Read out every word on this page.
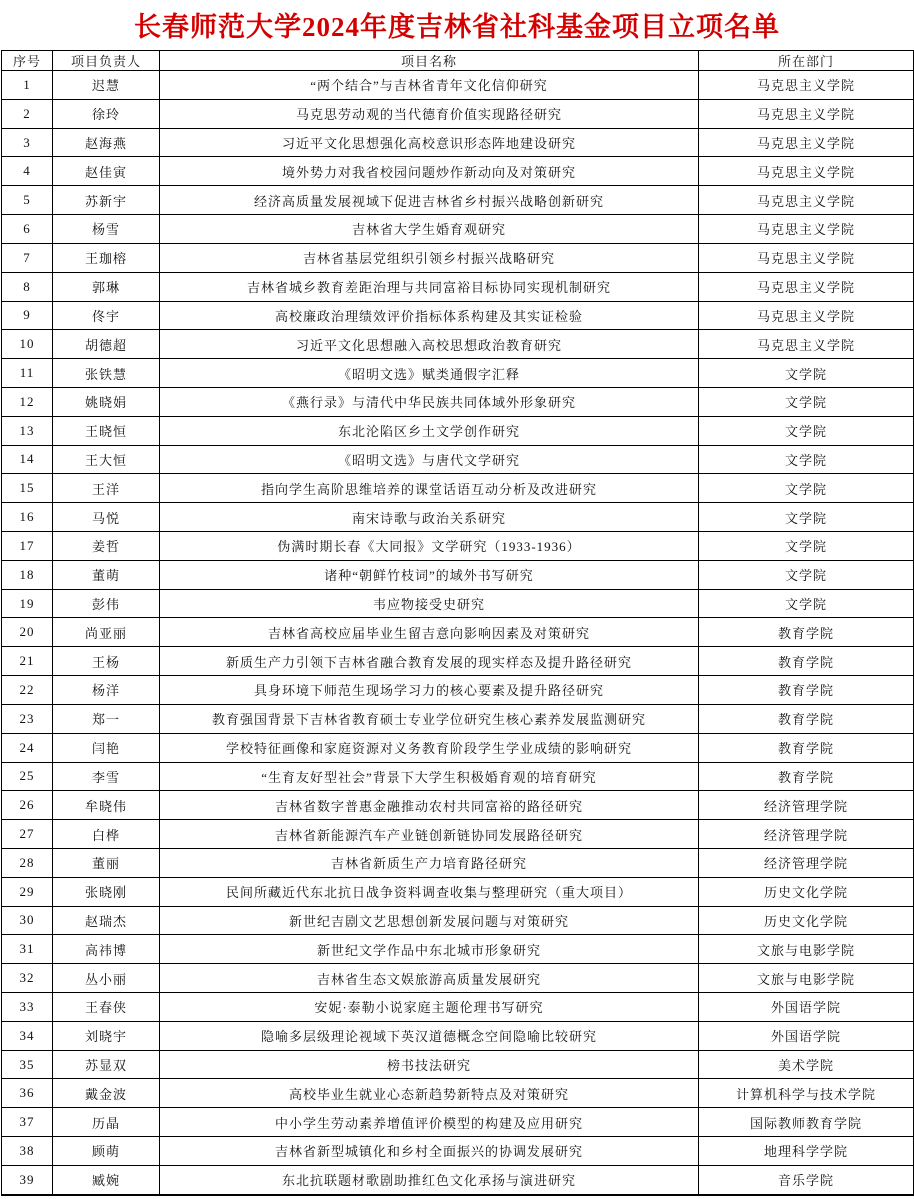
长春师范大学2024年度吉林省社科基金项目立项名单
序号	项目负责人	项目名称	所在部门
1	迟慧	“两个结合”与吉林省青年文化信仰研究	马克思主义学院
2	徐玲	马克思劳动观的当代德育价值实现路径研究	马克思主义学院
3	赵海燕	习近平文化思想强化高校意识形态阵地建设研究	马克思主义学院
4	赵佳寅	境外势力对我省校园问题炒作新动向及对策研究	马克思主义学院
5	苏新宇	经济高质量发展视域下促进吉林省乡村振兴战略创新研究	马克思主义学院
6	杨雪	吉林省大学生婚育观研究	马克思主义学院
7	王珈榕	吉林省基层党组织引领乡村振兴战略研究	马克思主义学院
8	郭琳	吉林省城乡教育差距治理与共同富裕目标协同实现机制研究	马克思主义学院
9	佟宇	高校廉政治理绩效评价指标体系构建及其实证检验	马克思主义学院
10	胡德超	习近平文化思想融入高校思想政治教育研究	马克思主义学院
11	张铁慧	《昭明文选》赋类通假字汇释	文学院
12	姚晓娟	《燕行录》与清代中华民族共同体域外形象研究	文学院
13	王晓恒	东北沦陷区乡土文学创作研究	文学院
14	王大恒	《昭明文选》与唐代文学研究	文学院
15	王洋	指向学生高阶思维培养的课堂话语互动分析及改进研究	文学院
16	马悦	南宋诗歌与政治关系研究	文学院
17	姜哲	伪满时期长春《大同报》文学研究（1933-1936）	文学院
18	董萌	诸种“朝鲜竹枝词”的域外书写研究	文学院
19	彭伟	韦应物接受史研究	文学院
20	尚亚丽	吉林省高校应届毕业生留吉意向影响因素及对策研究	教育学院
21	王杨	新质生产力引领下吉林省融合教育发展的现实样态及提升路径研究	教育学院
22	杨洋	具身环境下师范生现场学习力的核心要素及提升路径研究	教育学院
23	郑一	教育强国背景下吉林省教育硕士专业学位研究生核心素养发展监测研究	教育学院
24	闫艳	学校特征画像和家庭资源对义务教育阶段学生学业成绩的影响研究	教育学院
25	李雪	“生育友好型社会”背景下大学生积极婚育观的培育研究	教育学院
26	牟晓伟	吉林省数字普惠金融推动农村共同富裕的路径研究	经济管理学院
27	白桦	吉林省新能源汽车产业链创新链协同发展路径研究	经济管理学院
28	董丽	吉林省新质生产力培育路径研究	经济管理学院
29	张晓刚	民间所藏近代东北抗日战争资料调查收集与整理研究（重大项目）	历史文化学院
30	赵瑞杰	新世纪吉剧文艺思想创新发展问题与对策研究	历史文化学院
31	高祎博	新世纪文学作品中东北城市形象研究	文旅与电影学院
32	丛小丽	吉林省生态文娱旅游高质量发展研究	文旅与电影学院
33	王春侠	安妮·泰勒小说家庭主题伦理书写研究	外国语学院
34	刘晓宇	隐喻多层级理论视域下英汉道德概念空间隐喻比较研究	外国语学院
35	苏显双	榜书技法研究	美术学院
36	戴金波	高校毕业生就业心态新趋势新特点及对策研究	计算机科学与技术学院
37	历晶	中小学生劳动素养增值评价模型的构建及应用研究	国际教师教育学院
38	顾萌	吉林省新型城镇化和乡村全面振兴的协调发展研究	地理科学学院
39	臧婉	东北抗联题材歌剧助推红色文化承扬与演进研究	音乐学院
